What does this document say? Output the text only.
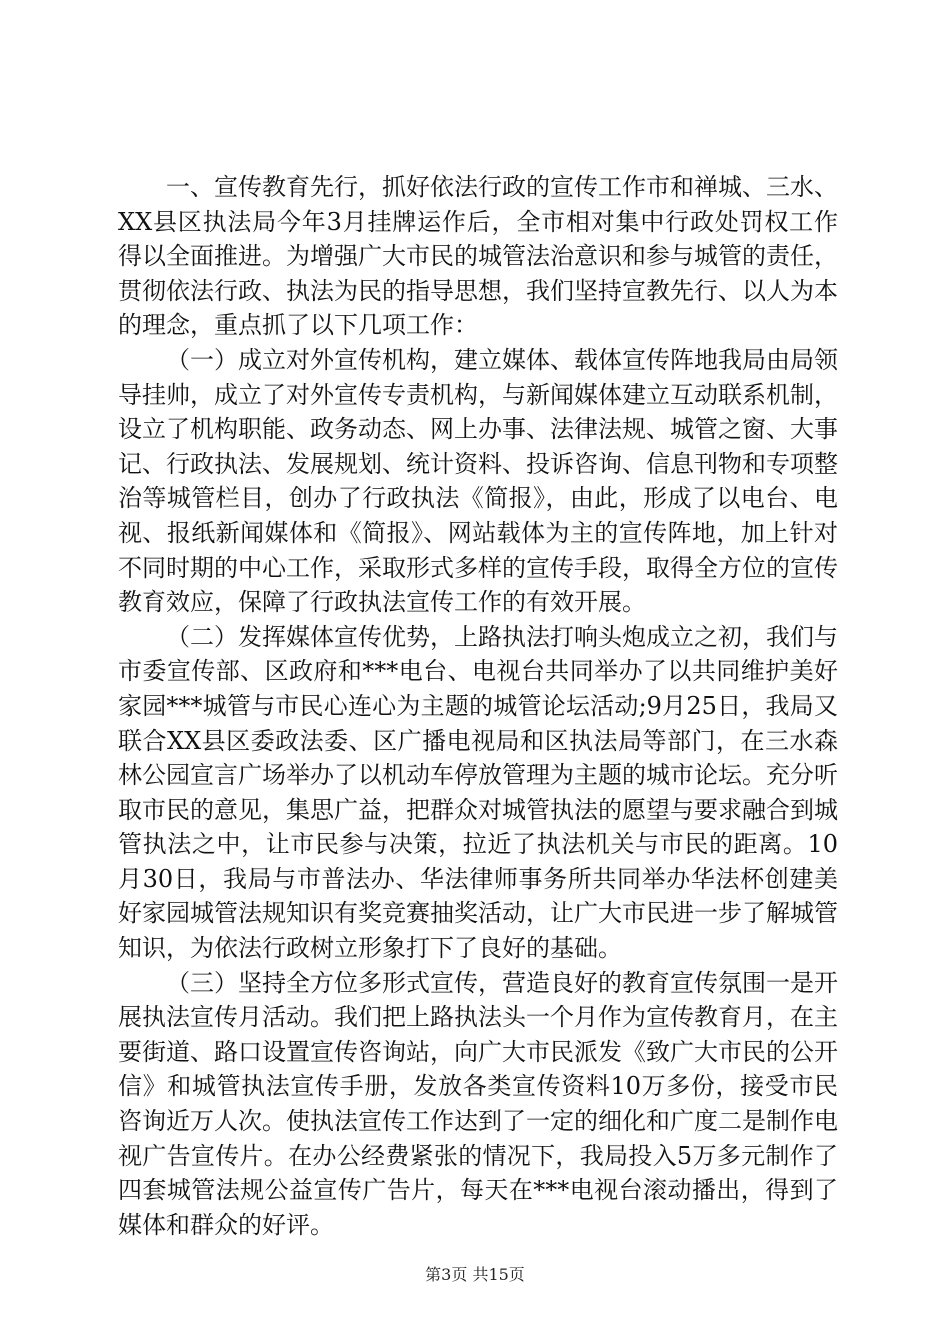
一、宣传教育先行，抓好依法行政的宣传工作市和禅城、三水、XX县区执法局今年3月挂牌运作后，全市相对集中行政处罚权工作得以全面推进。为增强广大市民的城管法治意识和参与城管的责任，贯彻依法行政、执法为民的指导思想，我们坚持宣教先行、以人为本的理念，重点抓了以下几项工作：

（一）成立对外宣传机构，建立媒体、载体宣传阵地我局由局领导挂帅，成立了对外宣传专责机构，与新闻媒体建立互动联系机制，设立了机构职能、政务动态、网上办事、法律法规、城管之窗、大事记、行政执法、发展规划、统计资料、投诉咨询、信息刊物和专项整治等城管栏目，创办了行政执法《简报》，由此，形成了以电台、电视、报纸新闻媒体和《简报》、网站载体为主的宣传阵地，加上针对不同时期的中心工作，采取形式多样的宣传手段，取得全方位的宣传教育效应，保障了行政执法宣传工作的有效开展。

（二）发挥媒体宣传优势，上路执法打响头炮成立之初，我们与市委宣传部、区政府和***电台、电视台共同举办了以共同维护美好家园***城管与市民心连心为主题的城管论坛活动;9月25日，我局又联合XX县区委政法委、区广播电视局和区执法局等部门，在三水森林公园宣言广场举办了以机动车停放管理为主题的城市论坛。充分听取市民的意见，集思广益，把群众对城管执法的愿望与要求融合到城管执法之中，让市民参与决策，拉近了执法机关与市民的距离。10月30日，我局与市普法办、华法律师事务所共同举办华法杯创建美好家园城管法规知识有奖竞赛抽奖活动，让广大市民进一步了解城管知识，为依法行政树立形象打下了良好的基础。

（三）坚持全方位多形式宣传，营造良好的教育宣传氛围一是开展执法宣传月活动。我们把上路执法头一个月作为宣传教育月，在主要街道、路口设置宣传咨询站，向广大市民派发《致广大市民的公开信》和城管执法宣传手册，发放各类宣传资料10万多份，接受市民咨询近万人次。使执法宣传工作达到了一定的细化和广度二是制作电视广告宣传片。在办公经费紧张的情况下，我局投入5万多元制作了四套城管法规公益宣传广告片，每天在***电视台滚动播出，得到了媒体和群众的好评。

第3页 共15页
